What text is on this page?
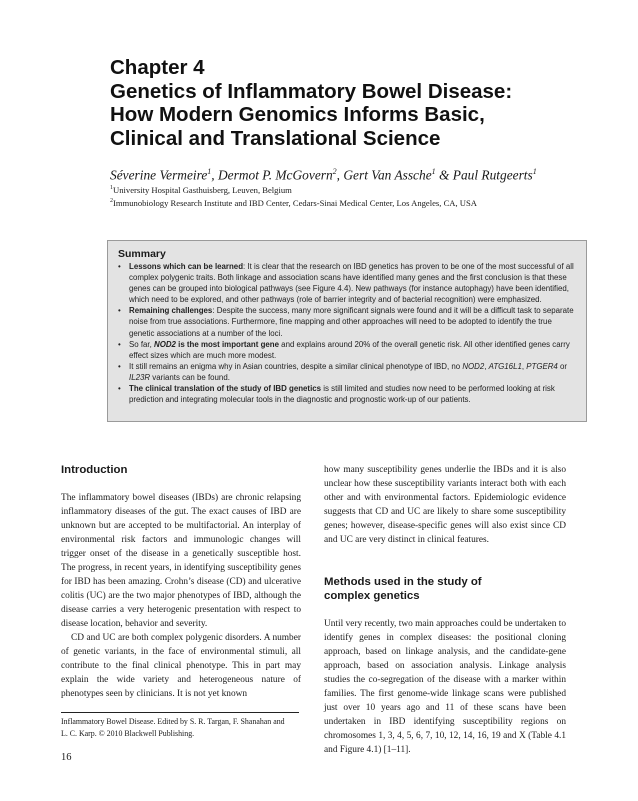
Chapter 4
Genetics of Inflammatory Bowel Disease:
How Modern Genomics Informs Basic,
Clinical and Translational Science
Séverine Vermeire$^1$, Dermot P. McGovern$^2$, Gert Van Assche$^1$ & Paul Rutgeerts$^1$
$^1$University Hospital Gasthuisberg, Leuven, Belgium
$^2$Immunobiology Research Institute and IBD Center, Cedars-Sinai Medical Center, Los Angeles, CA, USA
Summary
• Lessons which can be learned: It is clear that the research on IBD genetics has proven to be one of the most successful of all complex polygenic traits. Both linkage and association scans have identified many genes and the first conclusion is that these genes can be grouped into biological pathways (see Figure 4.4). New pathways (for instance autophagy) have been identified, which need to be explored, and other pathways (role of barrier integrity and of bacterial recognition) were emphasized.
• Remaining challenges: Despite the success, many more significant signals were found and it will be a difficult task to separate noise from true associations. Furthermore, fine mapping and other approaches will need to be adopted to identify the true genetic associations at a number of the loci.
• So far, NOD2 is the most important gene and explains around 20% of the overall genetic risk. All other identified genes carry effect sizes which are much more modest.
• It still remains an enigma why in Asian countries, despite a similar clinical phenotype of IBD, no NOD2, ATG16L1, PTGER4 or IL23R variants can be found.
• The clinical translation of the study of IBD genetics is still limited and studies now need to be performed looking at risk prediction and integrating molecular tools in the diagnostic and prognostic work-up of our patients.
Introduction

The inflammatory bowel diseases (IBDs) are chronic relapsing inflammatory diseases of the gut. The exact causes of IBD are unknown but are accepted to be multifactorial. An interplay of environmental risk factors and immunologic changes will trigger onset of the disease in a genetically susceptible host. The progress, in recent years, in identifying susceptibility genes for IBD has been amazing. Crohn’s disease (CD) and ulcerative colitis (UC) are the two major phenotypes of IBD, although the disease carries a very heterogenic presentation with respect to disease location, behavior and severity.

CD and UC are both complex polygenic disorders. A number of genetic variants, in the face of environmental stimuli, all contribute to the final clinical phenotype. This in part may explain the wide variety and heterogeneous nature of phenotypes seen by clinicians. It is not yet known

how many susceptibility genes underlie the IBDs and it is also unclear how these susceptibility variants interact both with each other and with environmental factors. Epidemiologic evidence suggests that CD and UC are likely to share some susceptibility genes; however, disease-specific genes will also exist since CD and UC are very distinct in clinical features.

Methods used in the study of
complex genetics

Until very recently, two main approaches could be undertaken to identify genes in complex diseases: the positional cloning approach, based on linkage analysis, and the candidate-gene approach, based on association analysis. Linkage analysis studies the co-segregation of the disease with a marker within families. The first genome-wide linkage scans were published just over 10 years ago and 11 of these scans have been undertaken in IBD identifying susceptibility regions on chromosomes 1, 3, 4, 5, 6, 7, 10, 12, 14, 16, 19 and X (Table 4.1 and Figure 4.1) [1–11].

Inflammatory Bowel Disease. Edited by S. R. Targan, F. Shanahan and
L. C. Karp. © 2010 Blackwell Publishing.
16
